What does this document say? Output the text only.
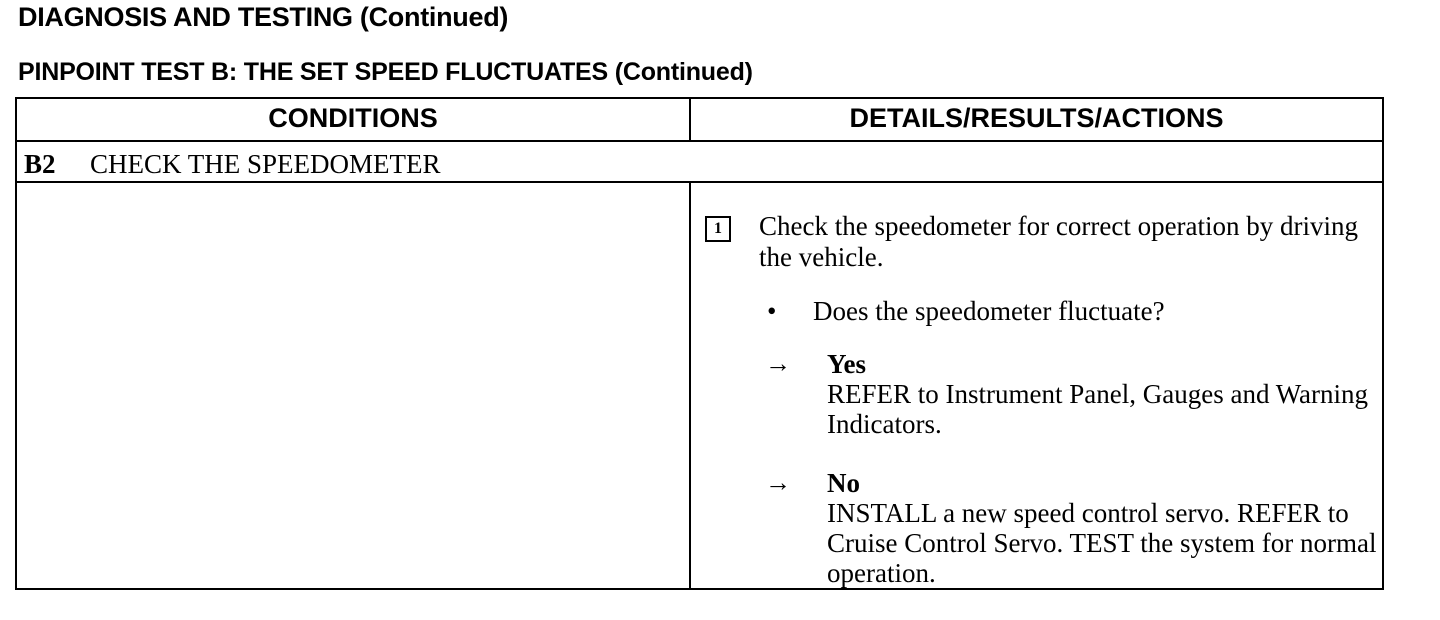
DIAGNOSIS AND TESTING (Continued)
PINPOINT TEST B: THE SET SPEED FLUCTUATES (Continued)
CONDITIONS	DETAILS/RESULTS/ACTIONS
B2 CHECK THE SPEEDOMETER
1	Check the speedometer for correct operation by driving the vehicle.
• Does the speedometer fluctuate?
→ Yes
REFER to Instrument Panel, Gauges and Warning Indicators.
→ No
INSTALL a new speed control servo. REFER to Cruise Control Servo. TEST the system for normal operation.
